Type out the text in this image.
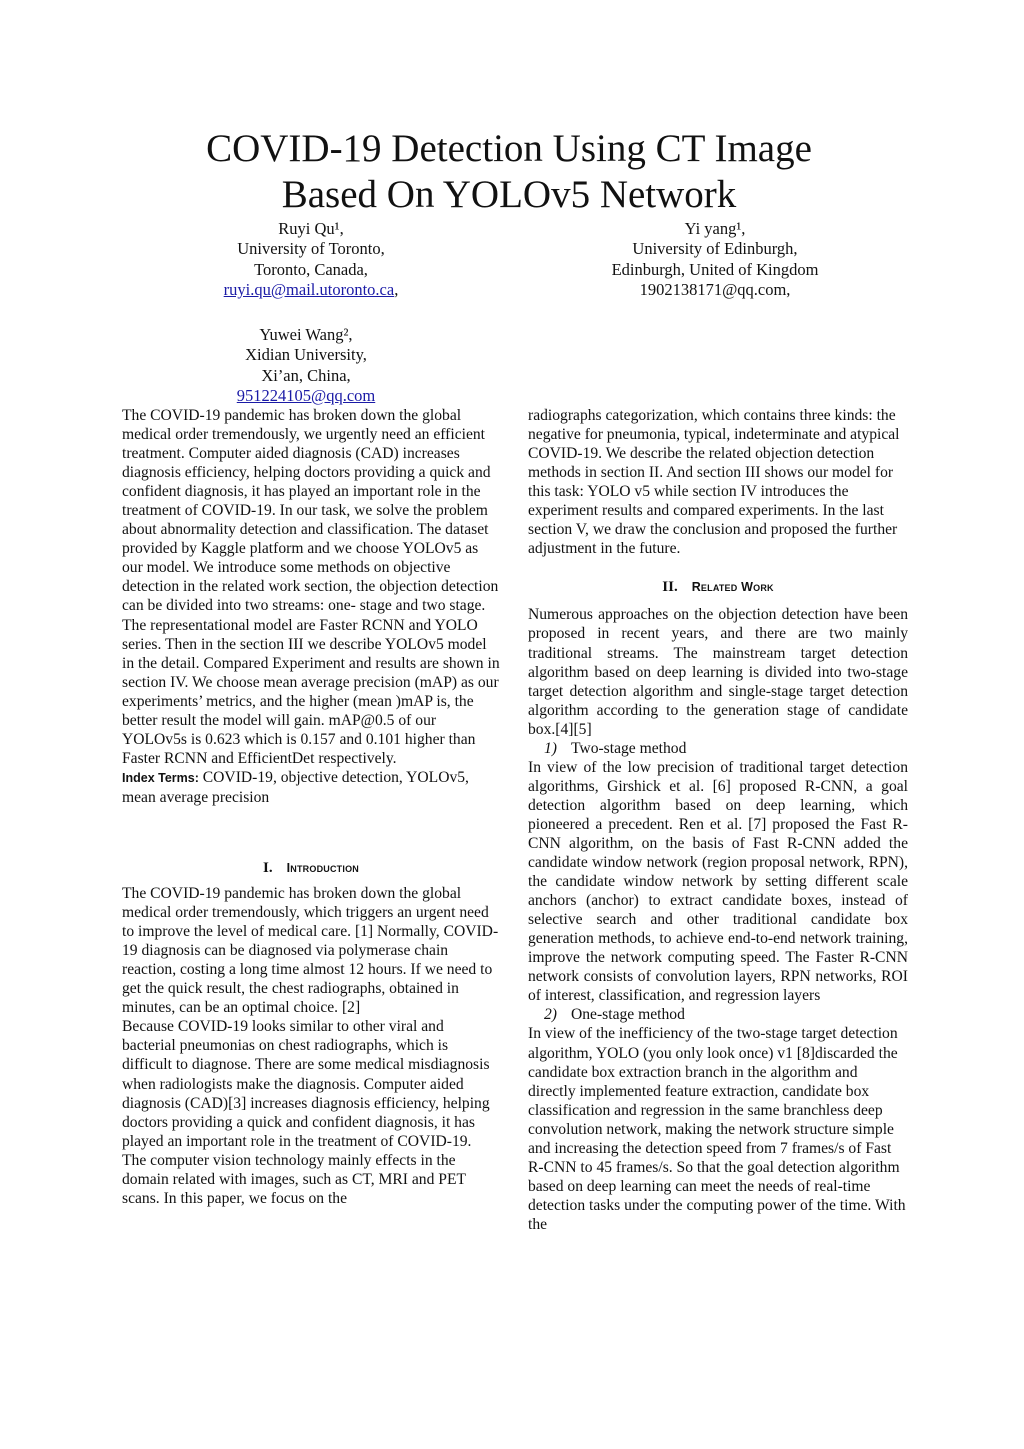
COVID-19 Detection Using CT Image
Based On YOLOv5 Network
Ruyi Qu¹,
University of Toronto,
Toronto, Canada,
ruyi.qu@mail.utoronto.ca,
Yi yang¹,
University of Edinburgh,
Edinburgh, United of Kingdom
1902138171@qq.com,
Yuwei Wang²,
Xidian University,
Xi’an, China,
951224105@qq.com

The COVID-19 pandemic has broken down the global medical order tremendously, we urgently need an efficient treatment. Computer aided diagnosis (CAD) increases diagnosis efficiency, helping doctors providing a quick and confident diagnosis, it has played an important role in the treatment of COVID-19. In our task, we solve the problem about abnormality detection and classification. The dataset provided by Kaggle platform and we choose YOLOv5 as our model. We introduce some methods on objective detection in the related work section, the objection detection can be divided into two streams: one- stage and two stage. The representational model are Faster RCNN and YOLO series. Then in the section III we describe YOLOv5 model in the detail. Compared Experiment and results are shown in section IV. We choose mean average precision (mAP) as our experiments’ metrics, and the higher (mean )mAP is, the better result the model will gain. mAP@0.5 of our YOLOv5s is 0.623 which is 0.157 and 0.101 higher than Faster RCNN and EfficientDet respectively.

Index Terms: COVID-19, objective detection, YOLOv5, mean average precision

I. Introduction

The COVID-19 pandemic has broken down the global medical order tremendously, which triggers an urgent need to improve the level of medical care. [1] Normally, COVID-19 diagnosis can be diagnosed via polymerase chain reaction, costing a long time almost 12 hours. If we need to get the quick result, the chest radiographs, obtained in minutes, can be an optimal choice. [2]

Because COVID-19 looks similar to other viral and bacterial pneumonias on chest radiographs, which is difficult to diagnose. There are some medical misdiagnosis when radiologists make the diagnosis. Computer aided diagnosis (CAD)[3] increases diagnosis efficiency, helping doctors providing a quick and confident diagnosis, it has played an important role in the treatment of COVID-19.

The computer vision technology mainly effects in the domain related with images, such as CT, MRI and PET scans. In this paper, we focus on the

radiographs categorization, which contains three kinds: the negative for pneumonia, typical, indeterminate and atypical COVID-19. We describe the related objection detection methods in section II. And section III shows our model for this task: YOLO v5 while section IV introduces the experiment results and compared experiments. In the last section V, we draw the conclusion and proposed the further adjustment in the future.

II. Related Work

Numerous approaches on the objection detection have been proposed in recent years, and there are two mainly traditional streams. The mainstream target detection algorithm based on deep learning is divided into two-stage target detection algorithm and single-stage target detection algorithm according to the generation stage of candidate box.[4][5]

1) Two-stage method

In view of the low precision of traditional target detection algorithms, Girshick et al. [6] proposed R-CNN, a goal detection algorithm based on deep learning, which pioneered a precedent. Ren et al. [7] proposed the Fast R-CNN algorithm, on the basis of Fast R-CNN added the candidate window network (region proposal network, RPN), the candidate window network by setting different scale anchors (anchor) to extract candidate boxes, instead of selective search and other traditional candidate box generation methods, to achieve end-to-end network training, improve the network computing speed. The Faster R-CNN network consists of convolution layers, RPN networks, ROI of interest, classification, and regression layers

2) One-stage method

In view of the inefficiency of the two-stage target detection algorithm, YOLO (you only look once) v1 [8]discarded the candidate box extraction branch in the algorithm and directly implemented feature extraction, candidate box classification and regression in the same branchless deep convolution network, making the network structure simple and increasing the detection speed from 7 frames/s of Fast R-CNN to 45 frames/s. So that the goal detection algorithm based on deep learning can meet the needs of real-time detection tasks under the computing power of the time. With the
